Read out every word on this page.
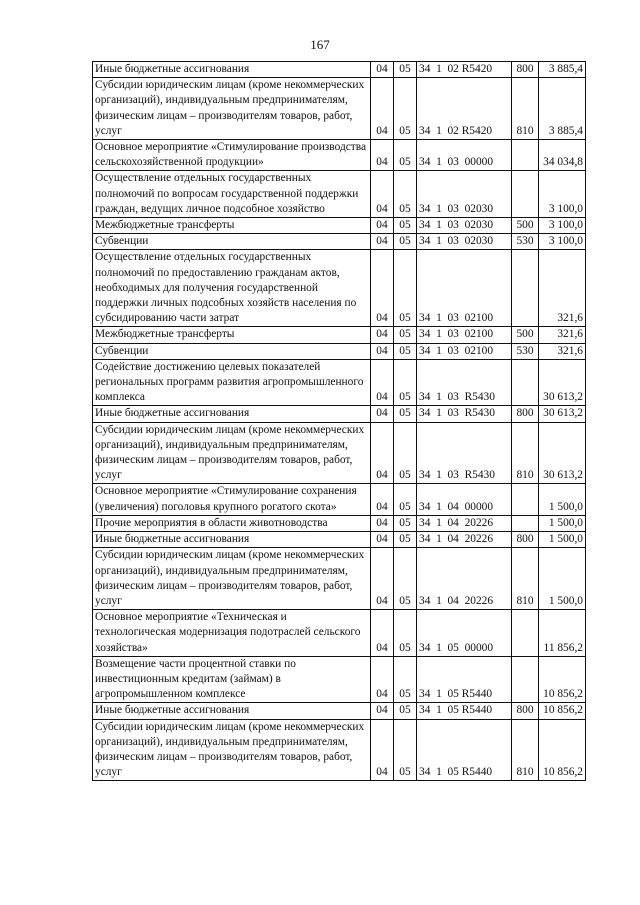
167
Иные бюджетные ассигнования	04	05	34  1  02 R5420	800	3 885,4
Субсидии юридическим лицам (кроме некоммерческих организаций), индивидуальным предпринимателям, физическим лицам – производителям товаров, работ, услуг	04	05	34  1  02 R5420	810	3 885,4
Основное мероприятие «Стимулирование производства сельскохозяйственной продукции»	04	05	34  1  03  00000		34 034,8
Осуществление отдельных государственных полномочий по вопросам государственной поддержки граждан, ведущих личное подсобное хозяйство	04	05	34  1  03  02030		3 100,0
Межбюджетные трансферты	04	05	34  1  03  02030	500	3 100,0
Субвенции	04	05	34  1  03  02030	530	3 100,0
Осуществление отдельных государственных полномочий по предоставлению гражданам актов, необходимых для получения государственной поддержки личных подсобных хозяйств населения по субсидированию части затрат	04	05	34  1  03  02100		321,6
Межбюджетные трансферты	04	05	34  1  03  02100	500	321,6
Субвенции	04	05	34  1  03  02100	530	321,6
Содействие достижению целевых показателей региональных программ развития агропромышленного комплекса	04	05	34  1  03  R5430		30 613,2
Иные бюджетные ассигнования	04	05	34  1  03  R5430	800	30 613,2
Субсидии юридическим лицам (кроме некоммерческих организаций), индивидуальным предпринимателям, физическим лицам – производителям товаров, работ, услуг	04	05	34  1  03  R5430	810	30 613,2
Основное мероприятие «Стимулирование сохранения (увеличения) поголовья крупного рогатого скота»	04	05	34  1  04  00000		1 500,0
Прочие мероприятия в области животноводства	04	05	34  1  04  20226		1 500,0
Иные бюджетные ассигнования	04	05	34  1  04  20226	800	1 500,0
Субсидии юридическим лицам (кроме некоммерческих организаций), индивидуальным предпринимателям, физическим лицам – производителям товаров, работ, услуг	04	05	34  1  04  20226	810	1 500,0
Основное мероприятие «Техническая и технологическая модернизация подотраслей сельского хозяйства»	04	05	34  1  05  00000		11 856,2
Возмещение части процентной ставки по инвестиционным кредитам (займам) в агропромышленном комплексе	04	05	34  1  05 R5440		10 856,2
Иные бюджетные ассигнования	04	05	34  1  05 R5440	800	10 856,2
Субсидии юридическим лицам (кроме некоммерческих организаций), индивидуальным предпринимателям, физическим лицам – производителям товаров, работ, услуг	04	05	34  1  05 R5440	810	10 856,2
